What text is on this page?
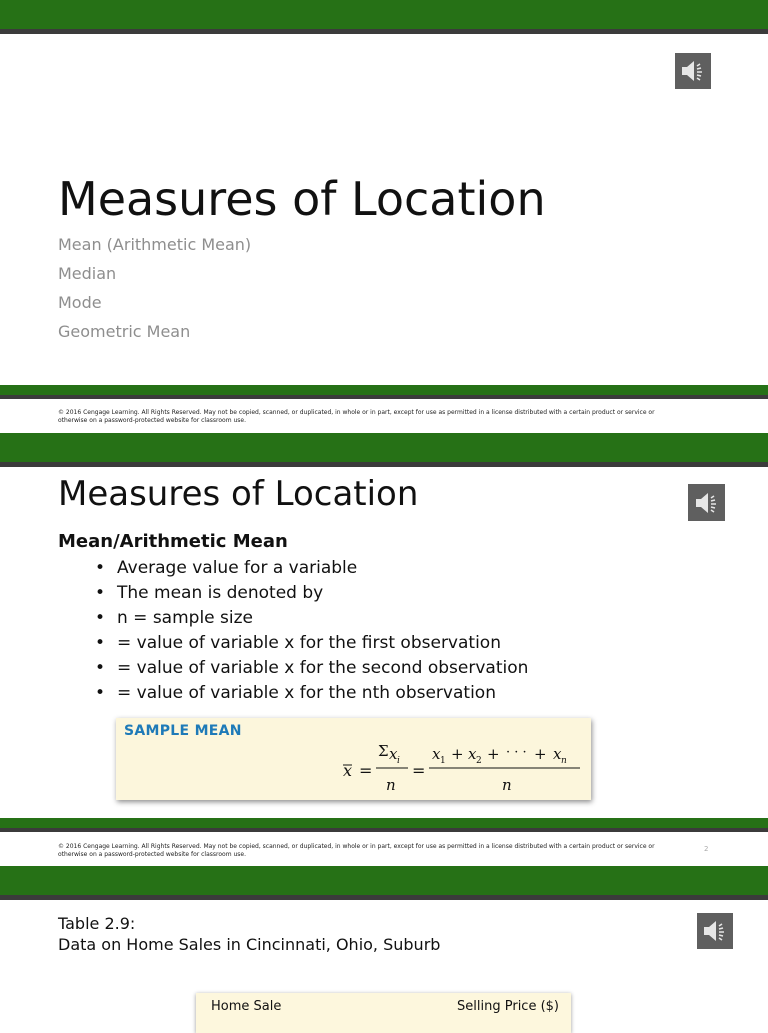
Measures of Location
Mean (Arithmetic Mean)
Median
Mode
Geometric Mean
© 2016 Cengage Learning. All Rights Reserved. May not be copied, scanned, or duplicated, in whole or in part, except for use as permitted in a license distributed with a certain product or service or otherwise on a password-protected website for classroom use.
Measures of Location
Mean/Arithmetic Mean
• Average value for a variable
• The mean is denoted by
• n = sample size
• = value of variable x for the first observation
• = value of variable x for the second observation
• = value of variable x for the nth observation
SAMPLE MEAN
x =
Σ x i
n
=
x 1 + x 2 + · · · + x n
n
© 2016 Cengage Learning. All Rights Reserved. May not be copied, scanned, or duplicated, in whole or in part, except for use as permitted in a license distributed with a certain product or service or otherwise on a password-protected website for classroom use.
2
Table 2.9:
Data on Home Sales in Cincinnati, Ohio, Suburb
Home Sale	Selling Price ($)
